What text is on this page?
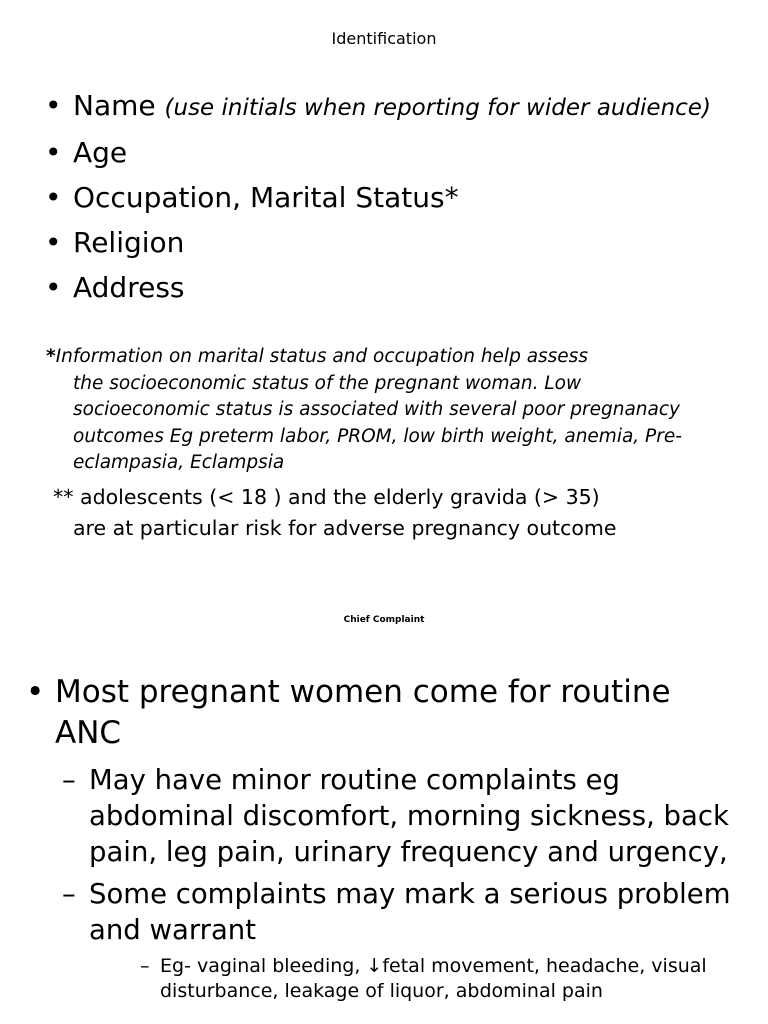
Identification
• Name (use initials when reporting for wider audience)
• Age
• Occupation, Marital Status*
• Religion
• Address
*Information on marital status and occupation help assess
the socioeconomic status of the pregnant woman. Low socioeconomic status is associated with several poor pregnanacy outcomes Eg preterm labor, PROM, low birth weight, anemia, Pre-eclampasia, Eclampsia
** adolescents (< 18 ) and the elderly gravida (> 35)
are at particular risk for adverse pregnancy outcome
Chief Complaint
• Most pregnant women come for routine ANC
– May have minor routine complaints eg abdominal discomfort, morning sickness, back pain, leg pain, urinary frequency and urgency,
– Some complaints may mark a serious problem and warrant
– Eg- vaginal bleeding, ↓fetal movement, headache, visual disturbance, leakage of liquor, abdominal pain
